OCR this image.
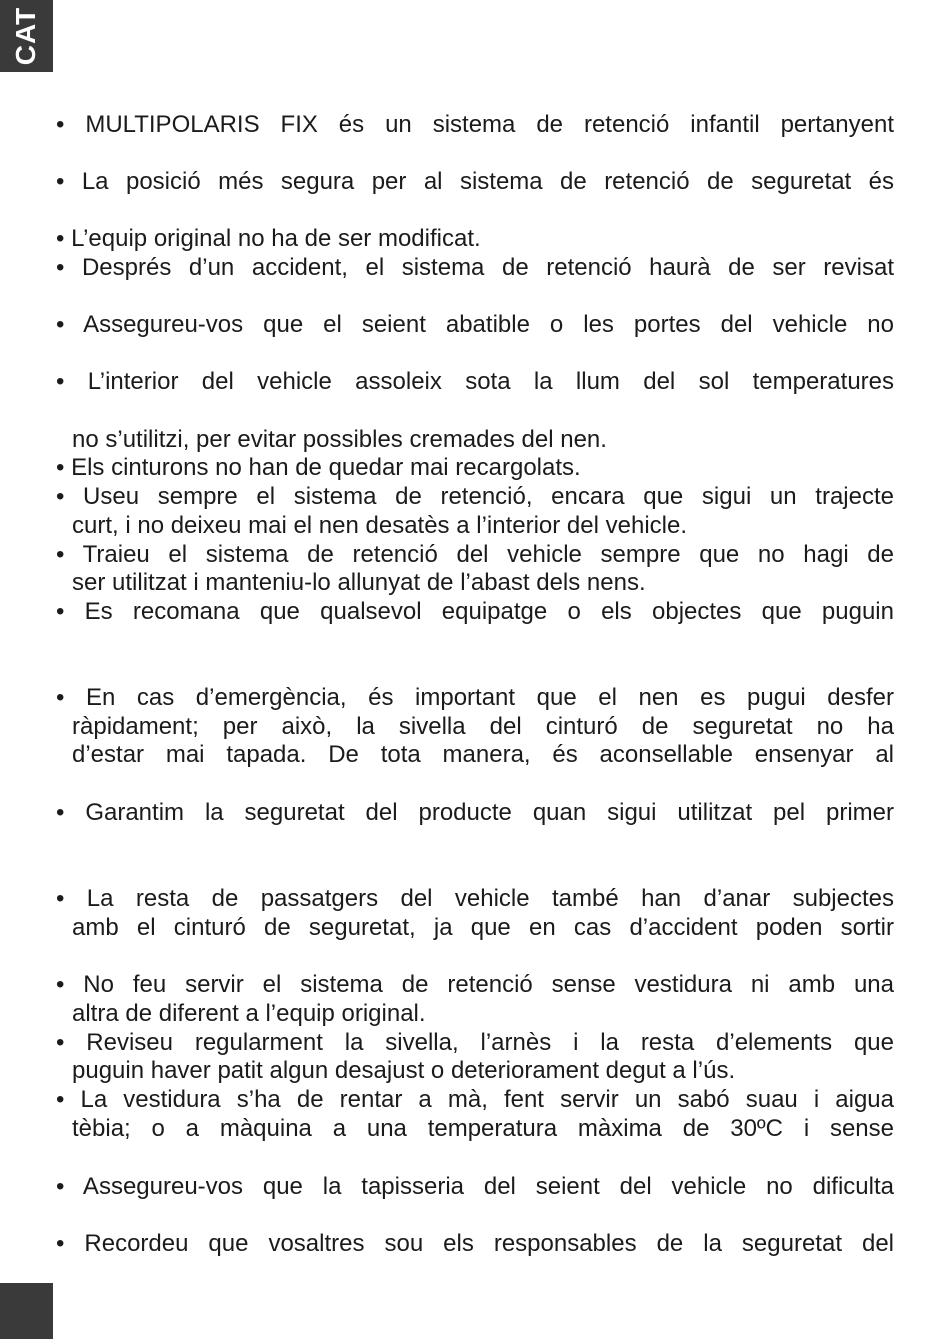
CAT
• MULTIPOLARIS FIX és un sistema de retenció infantil pertanyent
• La posició més segura per al sistema de retenció de seguretat és
• L’equip original no ha de ser modificat.
• Després d’un accident, el sistema de retenció haurà de ser revisat
• Assegureu-vos que el seient abatible o les portes del vehicle no
• L’interior del vehicle assoleix sota la llum del sol temperatures
no s’utilitzi, per evitar possibles cremades del nen.
• Els cinturons no han de quedar mai recargolats.
• Useu sempre el sistema de retenció, encara que sigui un trajecte
curt, i no deixeu mai el nen desatès a l’interior del vehicle.
• Traieu el sistema de retenció del vehicle sempre que no hagi de
ser utilitzat i manteniu-lo allunyat de l’abast dels nens.
• Es recomana que qualsevol equipatge o els objectes que puguin
• En cas d’emergència, és important que el nen es pugui desfer
ràpidament; per això, la sivella del cinturó de seguretat no ha
d’estar mai tapada. De tota manera, és aconsellable ensenyar al
• Garantim la seguretat del producte quan sigui utilitzat pel primer
• La resta de passatgers del vehicle també han d’anar subjectes
amb el cinturó de seguretat, ja que en cas d’accident poden sortir
• No feu servir el sistema de retenció sense vestidura ni amb una
altra de diferent a l’equip original.
• Reviseu regularment la sivella, l’arnès i la resta d’elements que
puguin haver patit algun desajust o deteriorament degut a l’ús.
• La vestidura s’ha de rentar a mà, fent servir un sabó suau i aigua
tèbia; o a màquina a una temperatura màxima de 30ºC i sense
• Assegureu-vos que la tapisseria del seient del vehicle no dificulta
• Recordeu que vosaltres sou els responsables de la seguretat del
